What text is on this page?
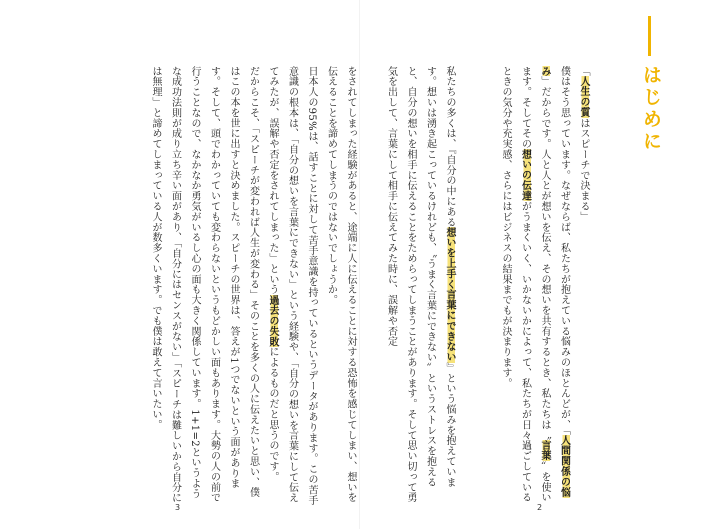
はじめに
「人生の質はスピーチで決まる」
僕はそう思っています。なぜならば、私たちが抱えている悩みのほとんどが、「人間関係の悩み」だからです。人と人とが想いを伝え、その想いを共有するとき、私たちは〝言葉〟を使います。そしてその想いの伝達がうまくいく、いかないかによって、私たちが日々過ごしているときの気分や充実感、さらにはビジネスの結果までもが決まります。
私たちの多くは、『自分の中にある想いを上手く言葉にできない』という悩みを抱えています。想いは湧き起こっているけれども、〝うまく言葉にできない〟というストレスを抱えると、自分の想いを相手に伝えることをためらってしまうことがあります。そして思い切って勇気を出して、言葉にして相手に伝えてみた時に、誤解や否定
をされてしまった経験があると、途端に人に伝えることに対する恐怖を感じてしまい、想いを伝えることを諦めてしまうのではないでしょうか。
日本人の95%は、話すことに対して苦手意識を持っているというデータがあります。この苦手意識の根本は、「自分の想いを言葉にできない」という経験や、「自分の想いを言葉にして伝えてみたが、誤解や否定をされてしまった」という過去の失敗によるものだと思うのです。
だからこそ、「スピーチが変われば人生が変わる」そのことを多くの人に伝えたいと思い、僕はこの本を世に出すと決めました。スピーチの世界は、答えが1つでないという面があります。そして、頭でわかっていても変わらないというもどかしい面もあります。大勢の人の前で行うことなので、なかなか勇気がいるし心の面も大きく関係しています。1+1=2というような成功法則が成り立ち辛い面があり、「自分にはセンスがない」「スピーチは難しいから自分には無理」と諦めてしまっている人が数多くいます。でも僕は敢えて言いたい。
3	2
